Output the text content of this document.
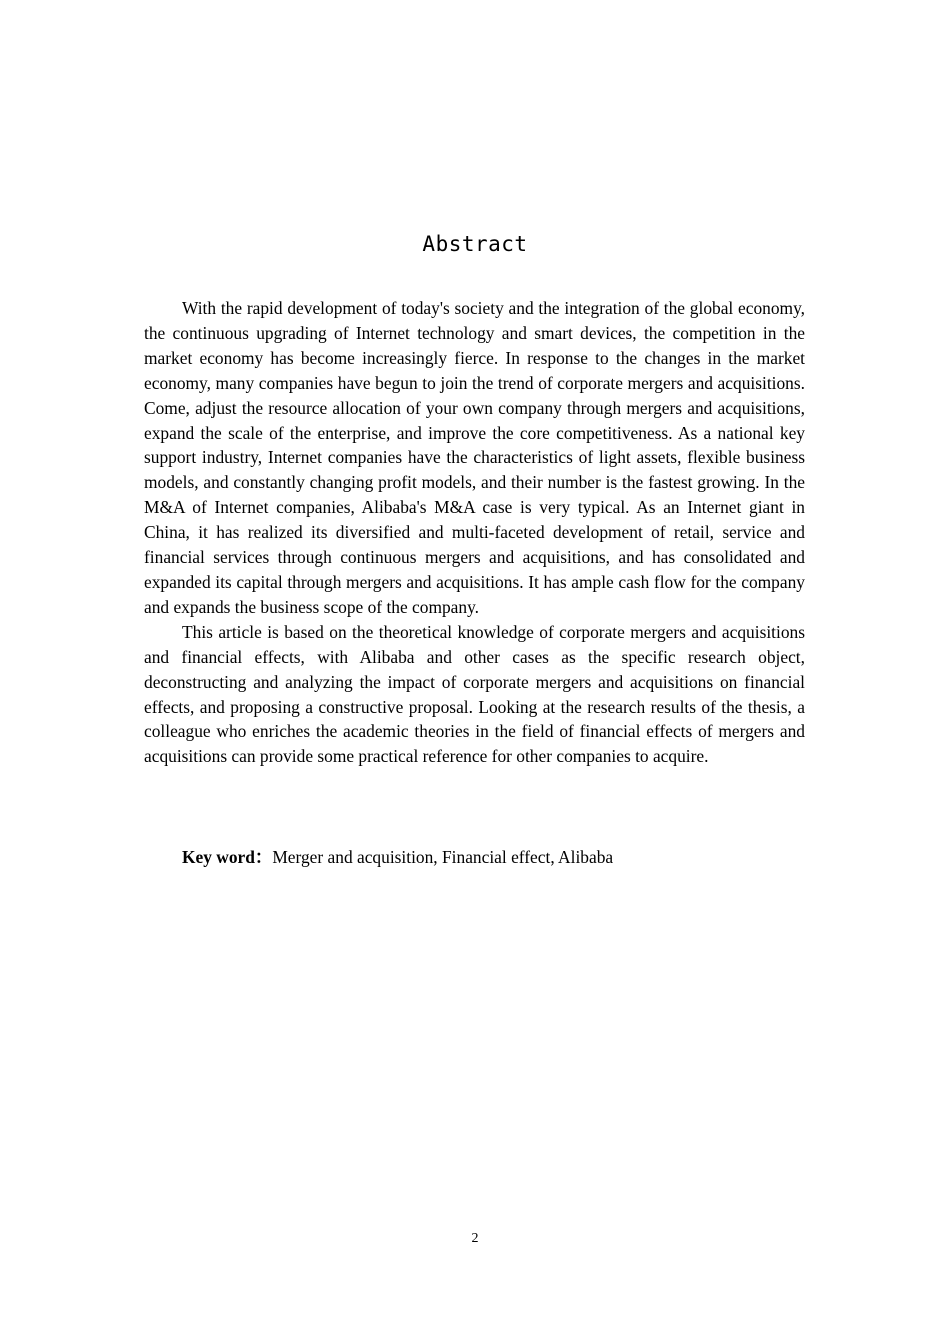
Abstract

With the rapid development of today's society and the integration of the global economy, the continuous upgrading of Internet technology and smart devices, the competition in the market economy has become increasingly fierce. In response to the changes in the market economy, many companies have begun to join the trend of corporate mergers and acquisitions. Come, adjust the resource allocation of your own company through mergers and acquisitions, expand the scale of the enterprise, and improve the core competitiveness. As a national key support industry, Internet companies have the characteristics of light assets, flexible business models, and constantly changing profit models, and their number is the fastest growing. In the M&A of Internet companies, Alibaba's M&A case is very typical. As an Internet giant in China, it has realized its diversified and multi-faceted development of retail, service and financial services through continuous mergers and acquisitions, and has consolidated and expanded its capital through mergers and acquisitions. It has ample cash flow for the company and expands the business scope of the company.

This article is based on the theoretical knowledge of corporate mergers and acquisitions and financial effects, with Alibaba and other cases as the specific research object, deconstructing and analyzing the impact of corporate mergers and acquisitions on financial effects, and proposing a constructive proposal. Looking at the research results of the thesis, a colleague who enriches the academic theories in the field of financial effects of mergers and acquisitions can provide some practical reference for other companies to acquire.

Key word：Merger and acquisition, Financial effect, Alibaba
2
